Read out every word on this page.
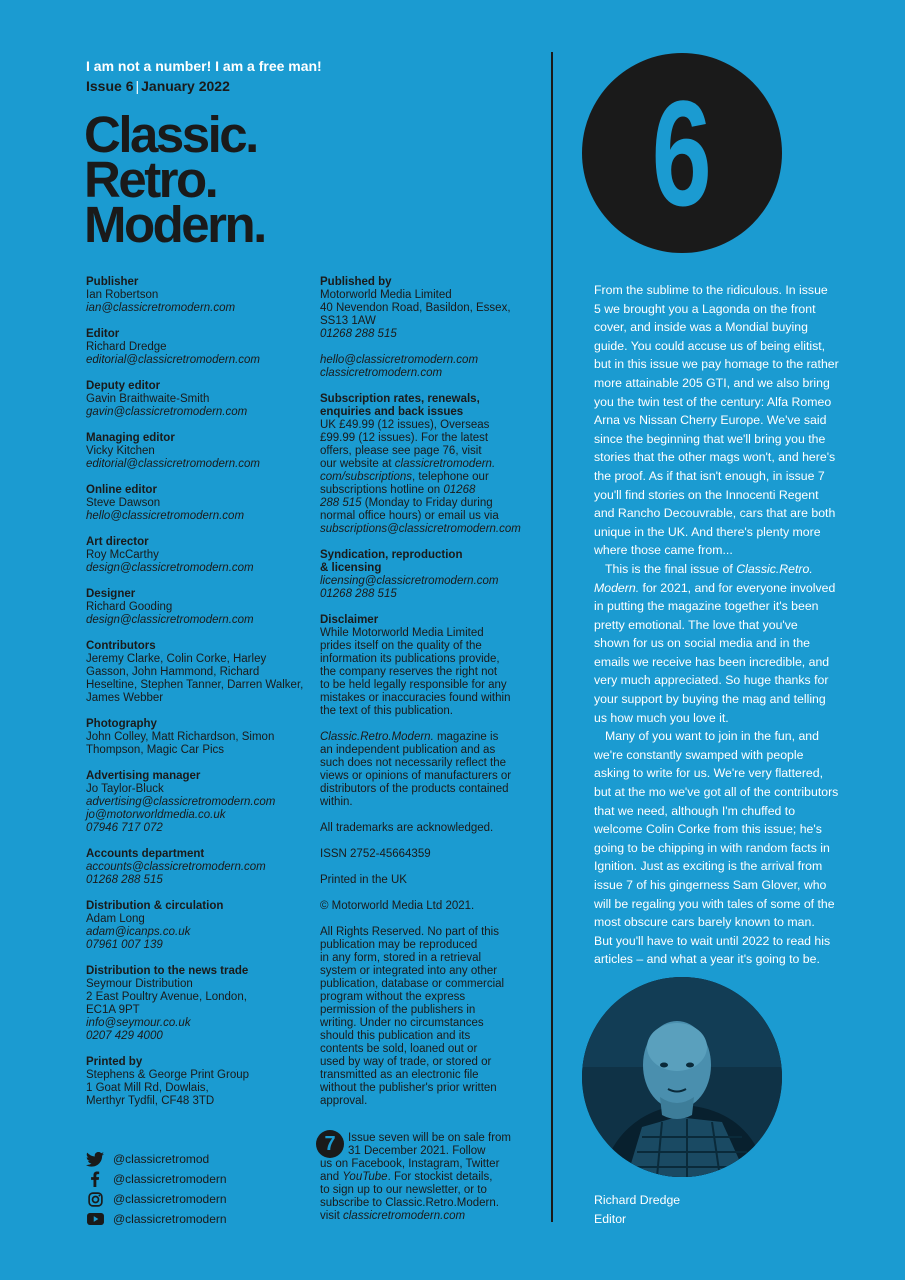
I am not a number! I am a free man!

Issue 6 | January 2022

Classic.
Retro.
Modern.
Publisher
Ian Robertson
ian@classicretromodern.com
Editor
Richard Dredge
editorial@classicretromodern.com
Deputy editor
Gavin Braithwaite-Smith
gavin@classicretromodern.com
Managing editor
Vicky Kitchen
editorial@classicretromodern.com
Online editor
Steve Dawson
hello@classicretromodern.com
Art director
Roy McCarthy
design@classicretromodern.com
Designer
Richard Gooding
design@classicretromodern.com
Contributors
Jeremy Clarke, Colin Corke, Harley
Gasson, John Hammond, Richard
Heseltine, Stephen Tanner, Darren Walker,
James Webber
Photography
John Colley, Matt Richardson, Simon
Thompson, Magic Car Pics
Advertising manager
Jo Taylor-Bluck
advertising@classicretromodern.com
jo@motorworldmedia.co.uk
07946 717 072
Accounts department
accounts@classicretromodern.com
01268 288 515
Distribution & circulation
Adam Long
adam@icanps.co.uk
07961 007 139
Distribution to the news trade
Seymour Distribution
2 East Poultry Avenue, London,
EC1A 9PT
info@seymour.co.uk
0207 429 4000
Printed by
Stephens & George Print Group
1 Goat Mill Rd, Dowlais,
Merthyr Tydfil, CF48 3TD
Published by
Motorworld Media Limited
40 Nevendon Road, Basildon, Essex,
SS13 1AW
01268 288 515
hello@classicretromodern.com
classicretromodern.com
Subscription rates, renewals,
enquiries and back issues
UK £49.99 (12 issues), Overseas
£99.99 (12 issues). For the latest
offers, please see page 76, visit
our website at classicretromodern.
com/subscriptions, telephone our
subscriptions hotline on 01268
288 515 (Monday to Friday during
normal office hours) or email us via
subscriptions@classicretromodern.com
Syndication, reproduction
& licensing
licensing@classicretromodern.com
01268 288 515
Disclaimer
While Motorworld Media Limited
prides itself on the quality of the
information its publications provide,
the company reserves the right not
to be held legally responsible for any
mistakes or inaccuracies found within
the text of this publication.
Classic.Retro.Modern. magazine is
an independent publication and as
such does not necessarily reflect the
views or opinions of manufacturers or
distributors of the products contained
within.

All trademarks are acknowledged.

ISSN 2752-45664359

Printed in the UK

© Motorworld Media Ltd 2021.

All Rights Reserved. No part of this
publication may be reproduced
in any form, stored in a retrieval
system or integrated into any other
publication, database or commercial
program without the express
permission of the publishers in
writing. Under no circumstances
should this publication and its
contents be sold, loaned out or
used by way of trade, or stored or
transmitted as an electronic file
without the publisher's prior written
approval.
7	Issue seven will be on sale from
31 December 2021. Follow
us on Facebook, Instagram, Twitter
and YouTube. For stockist details,
to sign up to our newsletter, or to
subscribe to Classic.Retro.Modern.
visit classicretromodern.com
@classicretromod
@classicretromodern
@classicretromodern
@classicretromodern
6

From the sublime to the ridiculous. In issue
5 we brought you a Lagonda on the front
cover, and inside was a Mondial buying
guide. You could accuse us of being elitist,
but in this issue we pay homage to the rather
more attainable 205 GTI, and we also bring
you the twin test of the century: Alfa Romeo
Arna vs Nissan Cherry Europe. We've said
since the beginning that we'll bring you the
stories that the other mags won't, and here's
the proof. As if that isn't enough, in issue 7
you'll find stories on the Innocenti Regent
and Rancho Decouvrable, cars that are both
unique in the UK. And there's plenty more
where those came from...

This is the final issue of Classic.Retro.
Modern. for 2021, and for everyone involved
in putting the magazine together it's been
pretty emotional. The love that you've
shown for us on social media and in the
emails we receive has been incredible, and
very much appreciated. So huge thanks for
your support by buying the mag and telling
us how much you love it.

Many of you want to join in the fun, and
we're constantly swamped with people
asking to write for us. We're very flattered,
but at the mo we've got all of the contributors
that we need, although I'm chuffed to
welcome Colin Corke from this issue; he's
going to be chipping in with random facts in
Ignition. Just as exciting is the arrival from
issue 7 of his gingerness Sam Glover, who
will be regaling you with tales of some of the
most obscure cars barely known to man.
But you'll have to wait until 2022 to read his
articles – and what a year it's going to be.

Richard Dredge
Editor
